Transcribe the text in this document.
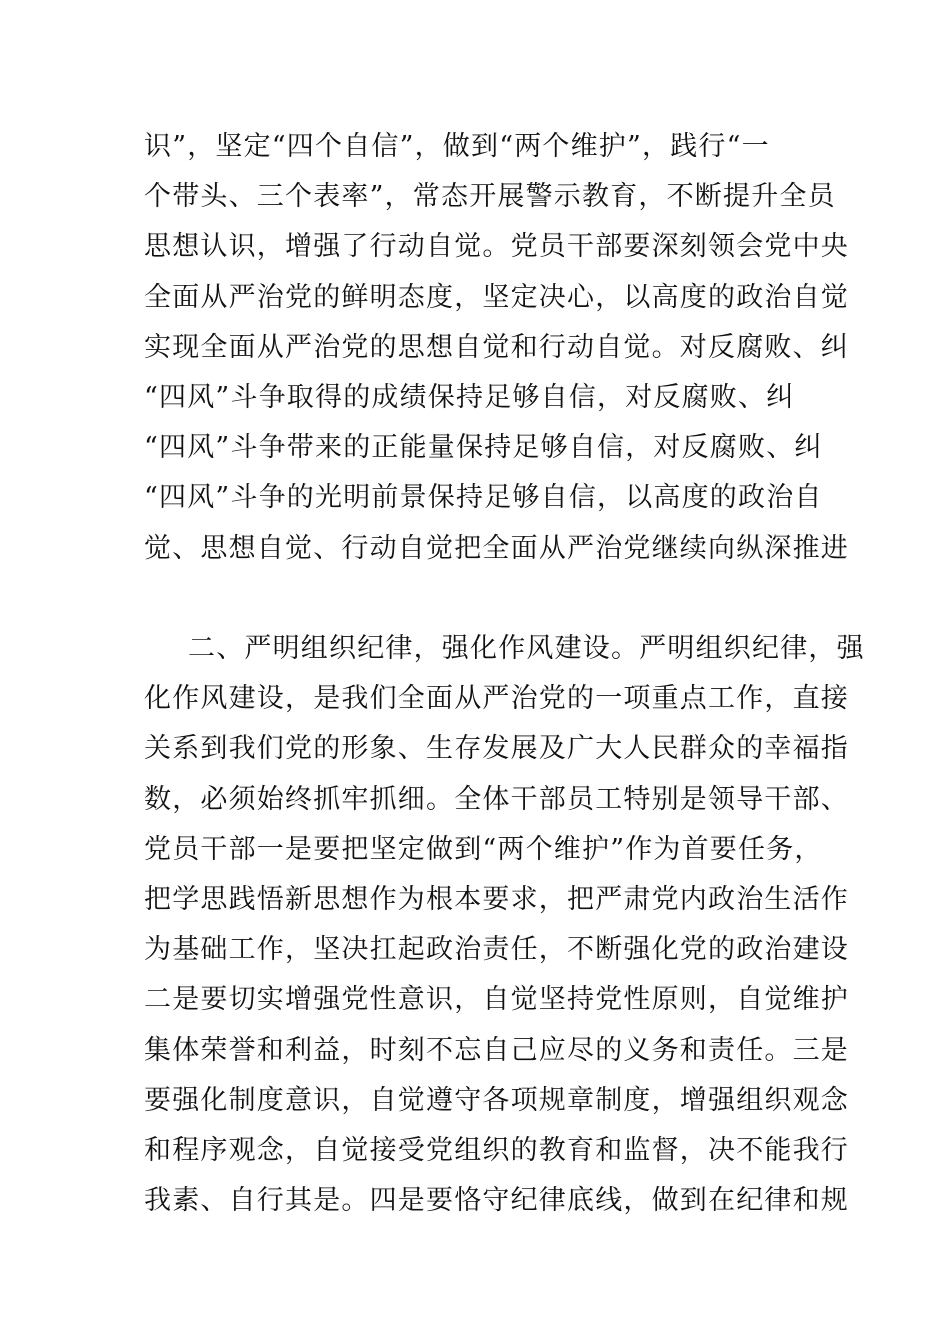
识”，坚定“四个自信”，做到“两个维护”，践行“一
个带头、三个表率”，常态开展警示教育，不断提升全员
思想认识，增强了行动自觉。党员干部要深刻领会党中央
全面从严治党的鲜明态度，坚定决心，以高度的政治自觉
实现全面从严治党的思想自觉和行动自觉。对反腐败、纠
“四风”斗争取得的成绩保持足够自信，对反腐败、纠
“四风”斗争带来的正能量保持足够自信，对反腐败、纠
“四风”斗争的光明前景保持足够自信，以高度的政治自
觉、思想自觉、行动自觉把全面从严治党继续向纵深推进
二、严明组织纪律，强化作风建设。严明组织纪律，强
化作风建设，是我们全面从严治党的一项重点工作，直接
关系到我们党的形象、生存发展及广大人民群众的幸福指
数，必须始终抓牢抓细。全体干部员工特别是领导干部、
党员干部一是要把坚定做到“两个维护”作为首要任务，
把学思践悟新思想作为根本要求，把严肃党内政治生活作
为基础工作，坚决扛起政治责任，不断强化党的政治建设
二是要切实增强党性意识，自觉坚持党性原则，自觉维护
集体荣誉和利益，时刻不忘自己应尽的义务和责任。三是
要强化制度意识，自觉遵守各项规章制度，增强组织观念
和程序观念，自觉接受党组织的教育和监督，决不能我行
我素、自行其是。四是要恪守纪律底线，做到在纪律和规
